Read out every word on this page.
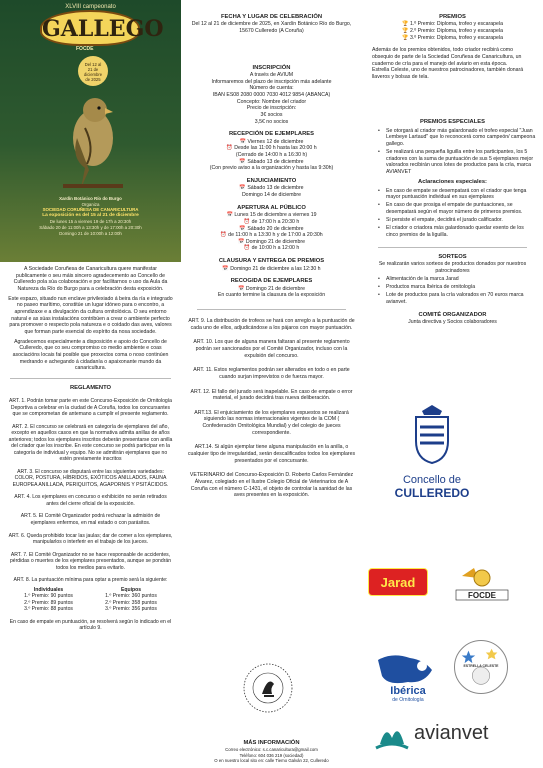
XLVIII campeonato
GALLEGO
FOCDE
Del 12 al
21 de
diciembre
de 2025
Xardín Botánico Río do Burgo
Organiza
SOCIEDAD CORUÑESA DE CANARICULTURA
La exposición es del 15 al 21 de diciembre
De lunes 15 a viernes 19 de 17h a 20:30h
Sábado 20 de 11:00h a 13:30h y de 17:00h a 20:30h
Domingo 21 de 10:00h a 12:00h

A Sociedade Coruñesa de Canaricultura quere manifestar publicamente o seu máis sincero agradecemento ao Concello de Culleredo pola súa colaboración e por facilitarnos o uso da Aula da Natureza da Río do Burgo para a celebración desta exposición.

Este espazo, situado nun enclave privilexiado á beira da ría e integrado no paseo marítimo, constitúe un lugar idóneo para o encontro, a aprendizaxe e a divulgación da cultura ornitolóxica. O seu entorno natural e as súas instalacións contribúen a crear o ambiente perfecto para promover o respecto pola natureza e o coidado das aves, valores que forman parte esencial do espírito da nosa sociedade.

Agradecemos especialmente a disposición e apoio do Concello de Culleredo, que co seu compromiso co medio ambiente e coas asociacións locais fai posible que proxectos coma o noso continúen medrando e achegando á cidadanía o apaixonante mundo da canaricultura.

REGLAMENTO
ART. 1. Podrán tomar parte en este Concurso-Exposición de Ornitología Deportiva a celebrar en la ciudad de A Coruña, todos los concursantes que se comprometan de antemano a cumplir el presente reglamento.
ART. 2. El concurso se celebrará en categoría de ejemplares del año, excepto en aquellos casos en que la normativa admita anillas de años anteriores; todos los ejemplares inscritos deberán presentarse con anilla del criador que los inscribe. En este concurso se podrá participar en la categoría de individual y equipo. No se admitirán ejemplares que no estén previamente inscritos
ART. 3. El concurso se disputará entre las siguientes variedades:
COLOR, POSTURA, HÍBRIDOS, EXÓTICOS ANILLADOS, FAUNA EUROPEA ANILLADA, PERIQUITOS, AGAPORNIS Y PSITÁCIDOS.
ART. 4. Los ejemplares en concurso o exhibición no serán retirados antes del cierre oficial de la exposición.
ART. 5. El Comité Organizador podrá rechazar la admisión de ejemplares enfermos, en mal estado o con parásitos.
ART. 6. Queda prohibido tocar las jaulas; dar de comer a los ejemplares, manipularlos o interferir en el trabajo de los jueces.
ART. 7. El Comité Organizador no se hace responsable de accidentes, pérdidas o muertes de los ejemplares presentados, aunque se pondrán todos los medios para evitarlo.
ART. 8. La puntuación mínima para optar a premio será la siguiente:
Individuales
1.º Premio: 90 puntos
2.º Premio: 89 puntos
3.º Premio: 88 puntos
Equipos
1.º Premio: 360 puntos
2.º Premio: 358 puntos
3.º Premio: 356 puntos
En caso de empate en puntuación, se resolverá según lo indicado en el artículo 9.
FECHA Y LUGAR DE CELEBRACIÓN
Del 12 al 21 de diciembre de 2025, en Xardín Botánico Río do Burgo, 15670 Culleredo (A Coruña)
INSCRIPCIÓN
A través de AVIUM
Informaremos del plazo de inscripción más adelante
Número de cuenta:
IBAN ES08 2080 0000 7030 4012 9854 (ABANCA)
Concepto: Nombre del criador
Precio de inscripción:
3€ socios
3,5€ no socios
RECEPCIÓN DE EJEMPLARES
📅 Viernes 12 de diciembre
⏰ Desde las 11:00 h hasta las 20:00 h
(Cerrado de 14:00 h a 16:30 h)
📅 Sábado 13 de diciembre
(Con previo aviso a la organización y hasta las 9:30h)
ENJUICIAMIENTO
📅 Sábado 13 de diciembre
Domingo 14 de diciembre
APERTURA AL PÚBLICO
📅 Lunes 15 de diciembre a viernes 19
⏰ de 17:00 h a 20:30 h
📅 Sábado 20 de diciembre
⏰ de 11:00 h a 13:30 h y de 17:00 a 20:30h
📅 Domingo 21 de diciembre
⏰ de 10:00 h a 12:00 h
CLAUSURA Y ENTREGA DE PREMIOS
📅 Domingo 21 de diciembre a las 12:30 h
RECOGIDA DE EJEMPLARES
📅 Domingo 21 de diciembre
En cuanto termine la clausura de la exposición
ART. 9. La distribución de trofeos se hará con arreglo a la puntuación de cada uno de ellos, adjudicándose a los pájaros con mayor puntuación.
ART. 10. Los que de alguna manera faltaran al presente reglamento podrán ser sancionados por el Comité Organizador, incluso con la expulsión del concurso.
ART. 11. Estos reglamentos podrán ser alterados en todo o en parte cuando surjan imprevistos o de fuerza mayor.
ART. 12. El fallo del jurado será inapelable. En caso de empate o error material, el jurado decidirá tras nueva deliberación.
ART.13. El enjuiciamiento de los ejemplares expuestos se realizará siguiendo las normas internacionales vigentes de la COM ( Confederación Ornitológica Mundial) y del colegio de jueces correspondiente.
ART.14. Si algún ejemplar tiene alguna manipulación en la anilla, o cualquier tipo de irregularidad, serán descalificados todos los ejemplares presentados por el concursante.
VETERINARIO del Concurso-Exposición D. Roberto Carlos Fernández Álvarez, colegiado en el Ilustre Colegio Oficial de Veterinarios de A Coruña con el número C-1431, el objeto de controlar la sanidad de las aves presentes en la exposición.
MÁS INFORMACIÓN
Correo electrónico: s.c.canaricultura@gmail.com
Teléfono: 604 036 219 (sociedad)
O en nuestro local sito en: calle Tiemo Galván 22, Culleredo
PREMIOS
🏆 1.º Premio: Diploma, trofeo y escarapela
🏆 2.º Premio: Diploma, trofeo y escarapela
🏆 3.º Premio: Diploma, trofeo y escarapela
Además de los premios obtenidos, todo criador recibirá como obsequio de parte de la Sociedad Coruñesa de Canaricultura, un cuaderno de cría para el manejo del aviario en esta época.
Estrella Celeste, uno de nuestros patrocinadores, también donará llaveros y bolsas de tela.
PREMIOS ESPECIALES
• Se otorgará al criador más galardonado el trofeo especial "Juan Lembeye Lartaud" que lo reconocerá como campeón/ campeona gallego.
• Se realizará una pequeña liguilla entre los participantes, los 5 criadores con la suma de puntuación de sus 5 ejemplares mejor valorados recibirán unos lotes de productos para la cría, marca AVIANVET
Aclaraciones especiales:
• En caso de empate se desempatará con el criador que tenga mayor puntuación individual en sus ejemplares
• En caso de que prosiga el empate de puntuaciones, se desempatará según el mayor número de primeros premios.
• Si persiste el empate, decidirá el jurado calificador.
• El criador o criadora más galardonado quedar exento de los cinco premios de la liguilla.
SORTEOS
Se realizarán varios sorteos de productos donados por nuestros patrocinadores
• Alimentación de la marca Jarad
• Productos marca Ibérica de ornitología
• Lote de productos para la cría valorados en 70 euros marca avianvet.
COMITÉ ORGANIZADOR
Junta directiva y Socios colaboradores
Concello de
CULLEREDO
Jarad
FOCDE
Ibérica
de Ornitología
ESTRELLA CELESTE
avianvet
